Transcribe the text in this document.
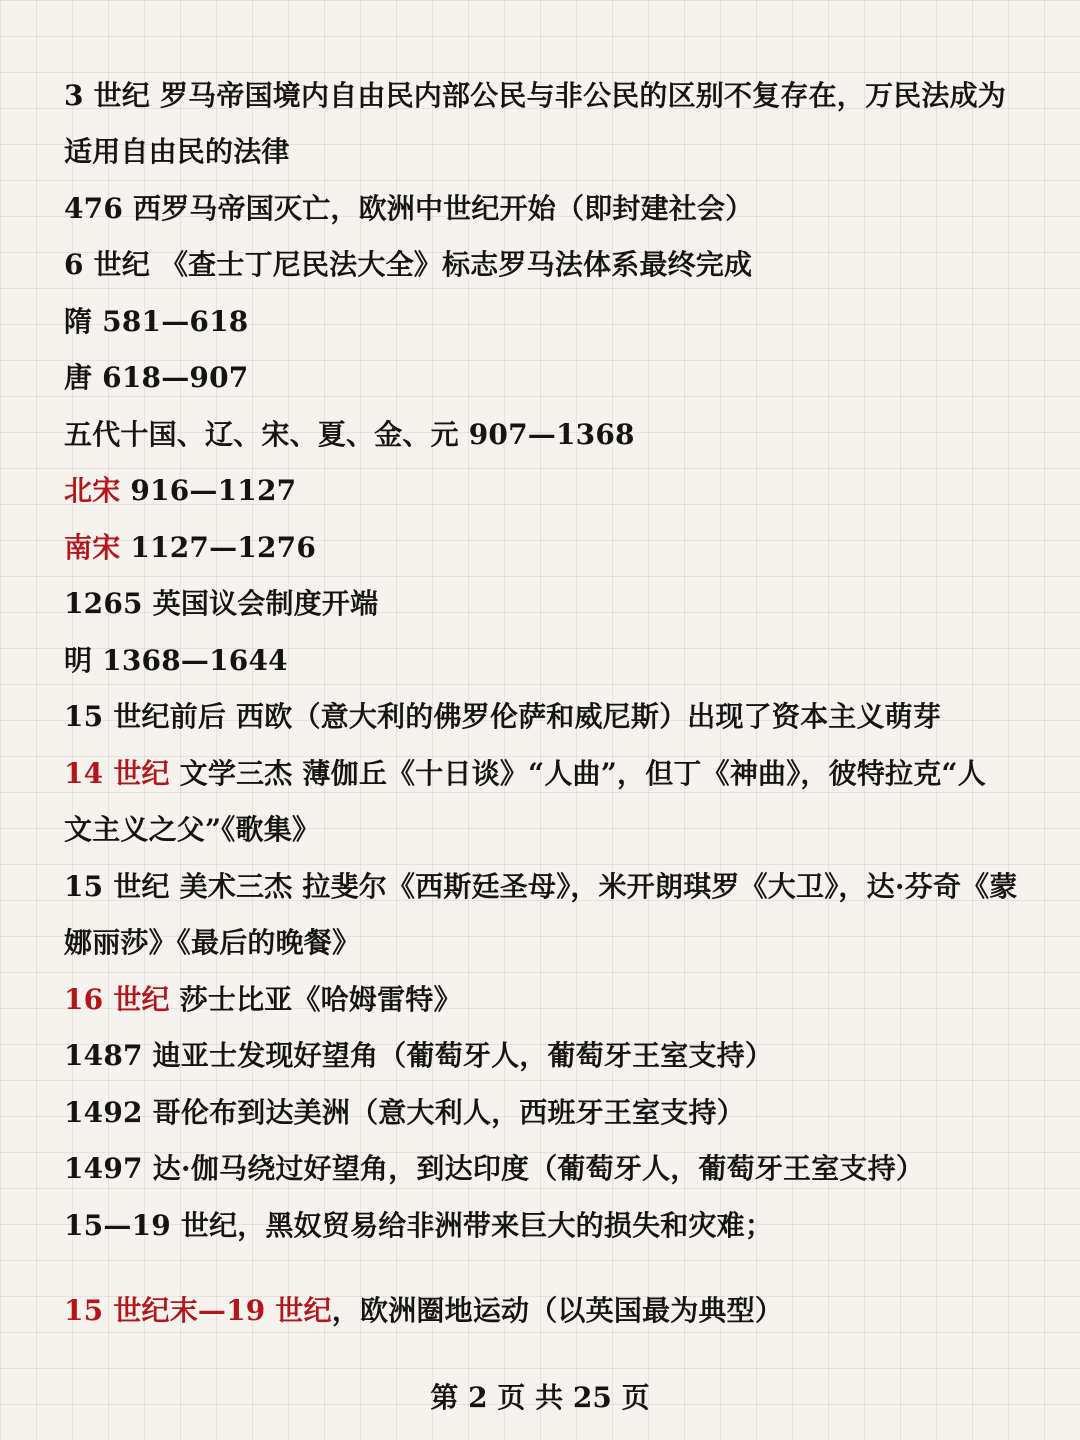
3 世纪 罗马帝国境内自由民内部公民与非公民的区别不复存在，万民法成为
适用自由民的法律
476 西罗马帝国灭亡，欧洲中世纪开始（即封建社会）
6 世纪 《查士丁尼民法大全》标志罗马法体系最终完成
隋 581—618
唐 618—907
五代十国、辽、宋、夏、金、元 907—1368
北宋 916—1127
南宋 1127—1276
1265 英国议会制度开端
明 1368—1644
15 世纪前后 西欧（意大利的佛罗伦萨和威尼斯）出现了资本主义萌芽
14 世纪 文学三杰 薄伽丘《十日谈》“人曲”，但丁《神曲》，彼特拉克“人
文主义之父”《歌集》
15 世纪 美术三杰 拉斐尔《西斯廷圣母》，米开朗琪罗《大卫》，达·芬奇《蒙
娜丽莎》《最后的晚餐》
16 世纪 莎士比亚《哈姆雷特》
1487 迪亚士发现好望角（葡萄牙人，葡萄牙王室支持）
1492 哥伦布到达美洲（意大利人，西班牙王室支持）
1497 达·伽马绕过好望角，到达印度（葡萄牙人，葡萄牙王室支持）
15—19 世纪，黑奴贸易给非洲带来巨大的损失和灾难；
15 世纪末—19 世纪，欧洲圈地运动（以英国最为典型）
第 2 页 共 25 页
